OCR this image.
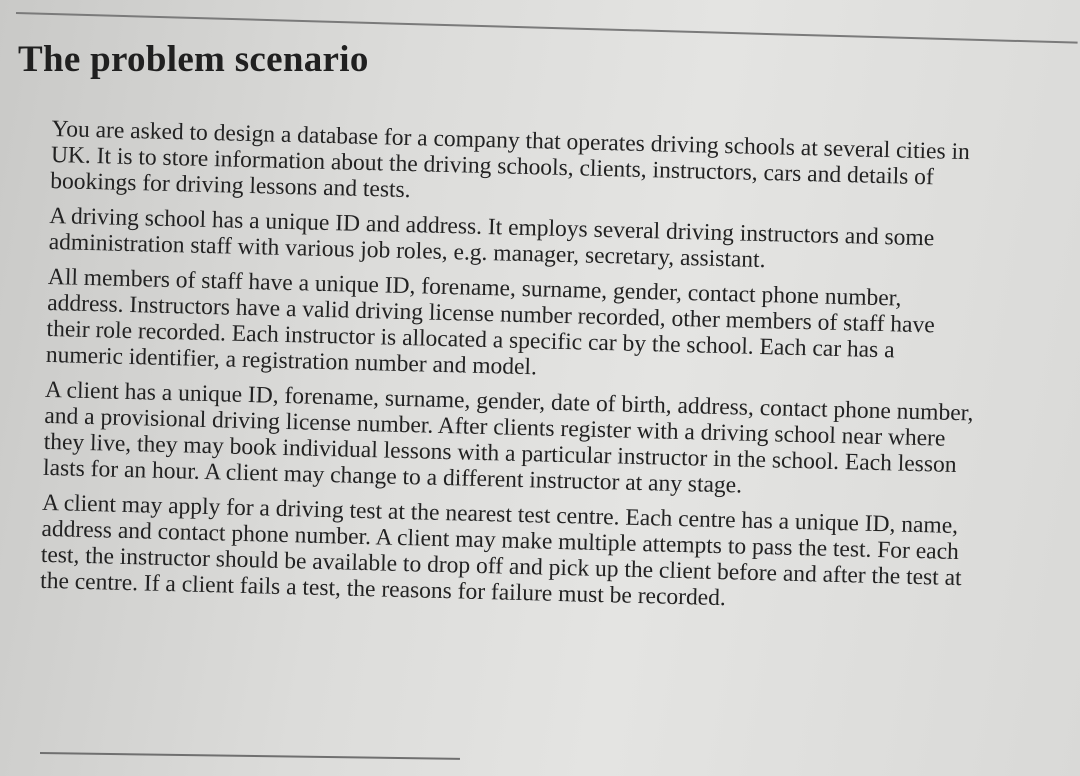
The problem scenario

You are asked to design a database for a company that operates driving schools at several cities in UK. It is to store information about the driving schools, clients, instructors, cars and details of bookings for driving lessons and tests.

A driving school has a unique ID and address. It employs several driving instructors and some administration staff with various job roles, e.g. manager, secretary, assistant.

All members of staff have a unique ID, forename, surname, gender, contact phone number, address. Instructors have a valid driving license number recorded, other members of staff have their role recorded. Each instructor is allocated a specific car by the school. Each car has a numeric identifier, a registration number and model.

A client has a unique ID, forename, surname, gender, date of birth, address, contact phone number, and a provisional driving license number. After clients register with a driving school near where they live, they may book individual lessons with a particular instructor in the school. Each lesson lasts for an hour. A client may change to a different instructor at any stage.

A client may apply for a driving test at the nearest test centre. Each centre has a unique ID, name, address and contact phone number. A client may make multiple attempts to pass the test. For each test, the instructor should be available to drop off and pick up the client before and after the test at the centre. If a client fails a test, the reasons for failure must be recorded.
